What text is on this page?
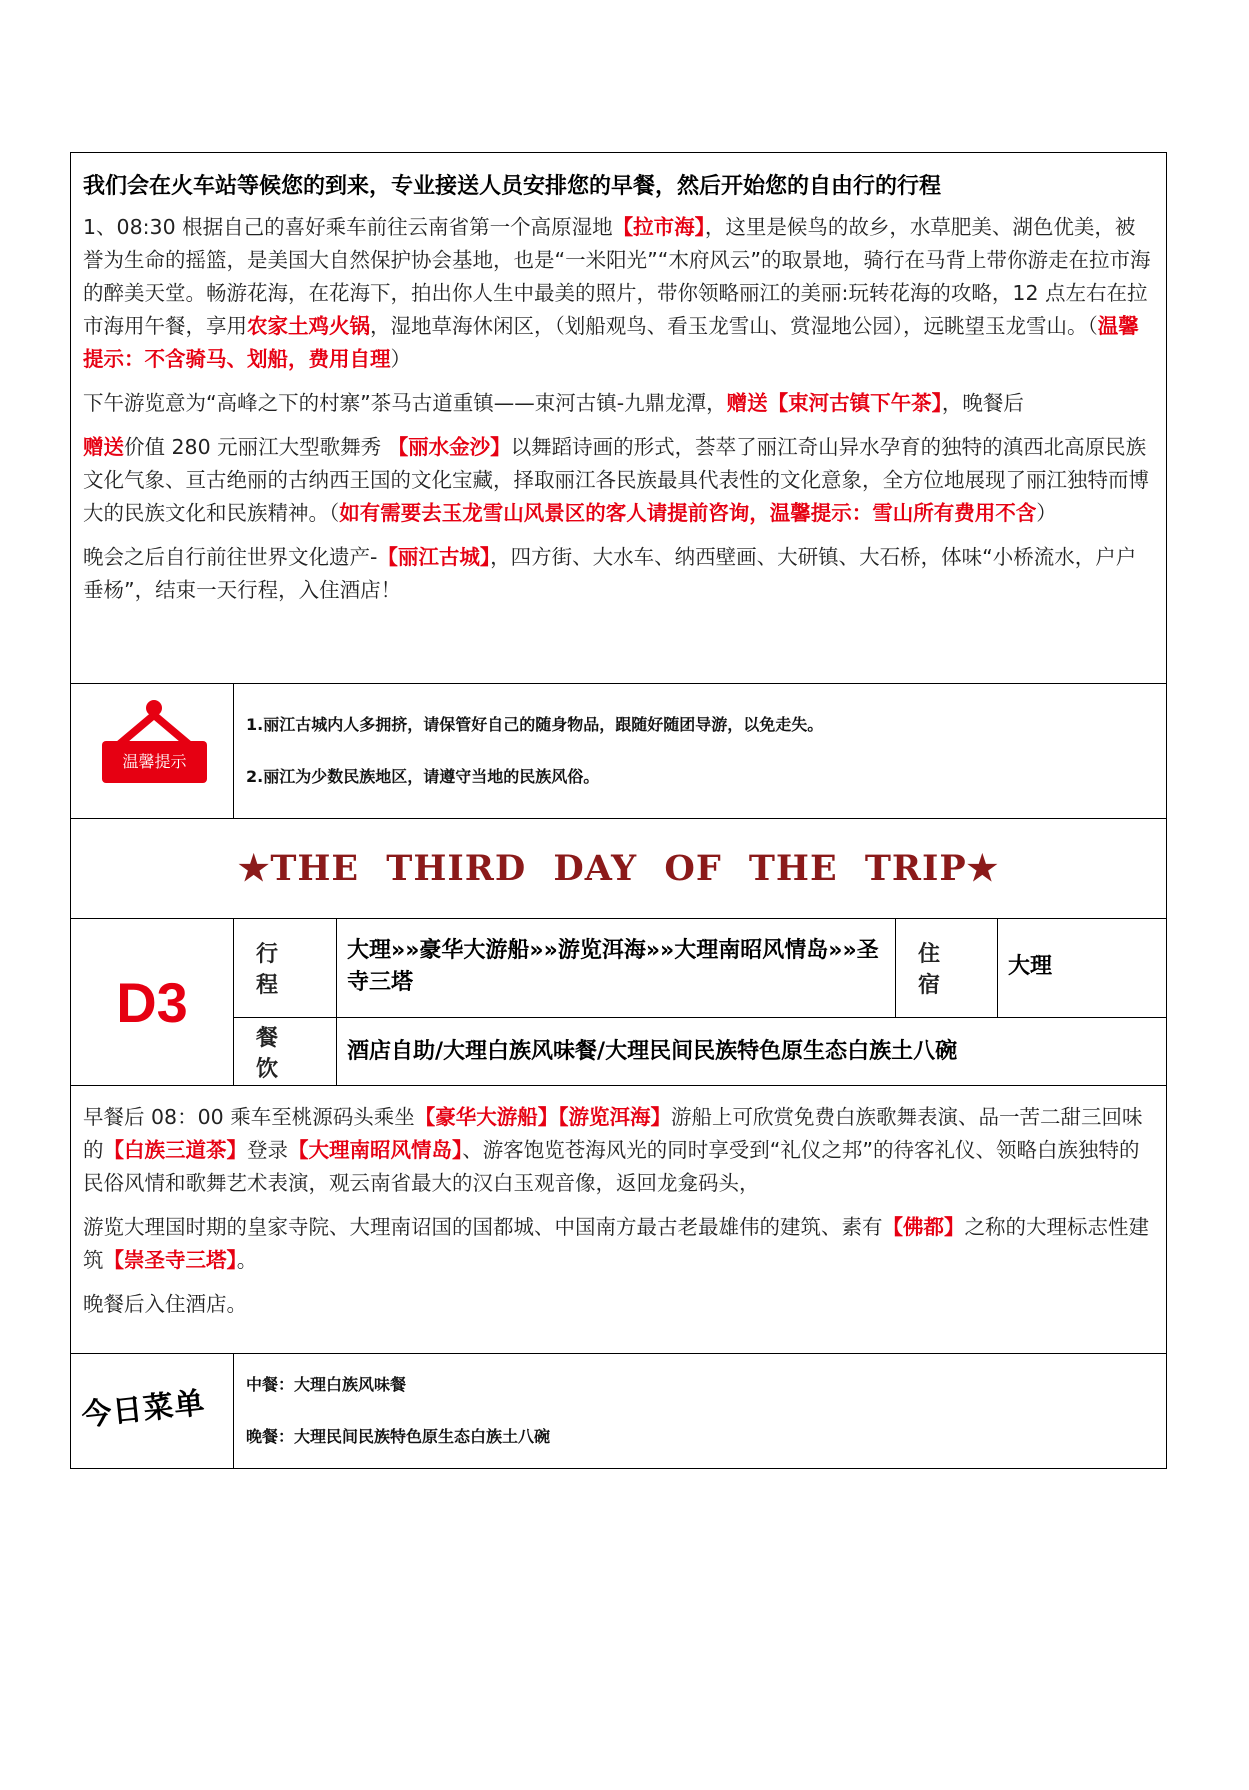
我们会在火车站等候您的到来，专业接送人员安排您的早餐，然后开始您的自由行的行程

1、08:30 根据自己的喜好乘车前往云南省第一个高原湿地【拉市海】，这里是候鸟的故乡，水草肥美、湖色优美，被誉为生命的摇篮，是美国大自然保护协会基地，也是“一米阳光”“木府风云”的取景地，骑行在马背上带你游走在拉市海的醉美天堂。畅游花海，在花海下，拍出你人生中最美的照片，带你领略丽江的美丽:玩转花海的攻略，12 点左右在拉市海用午餐，享用农家土鸡火锅，湿地草海休闲区，（划船观鸟、看玉龙雪山、赏湿地公园），远眺望玉龙雪山。（温馨提示：不含骑马、划船，费用自理）

下午游览意为“高峰之下的村寨”茶马古道重镇——束河古镇-九鼎龙潭，赠送【束河古镇下午茶】，晚餐后

赠送价值 280 元丽江大型歌舞秀 【丽水金沙】以舞蹈诗画的形式，荟萃了丽江奇山异水孕育的独特的滇西北高原民族文化气象、亘古绝丽的古纳西王国的文化宝藏，择取丽江各民族最具代表性的文化意象，全方位地展现了丽江独特而博大的民族文化和民族精神。（如有需要去玉龙雪山风景区的客人请提前咨询，温馨提示：雪山所有费用不含）

晚会之后自行前往世界文化遗产-【丽江古城】，四方街、大水车、纳西壁画、大研镇、大石桥，体味“小桥流水，户户垂杨”，结束一天行程，入住酒店！

温馨提示

1.丽江古城内人多拥挤，请保管好自己的随身物品，跟随好随团导游，以免走失。

2.丽江为少数民族地区，请遵守当地的民族风俗。

★THE THIRD DAY OF THE TRIP★
D3
行程
大理»»豪华大游船»»游览洱海»»大理南昭风情岛»»圣寺三塔
住宿
大理
餐饮
酒店自助/大理白族风味餐/大理民间民族特色原生态白族土八碗

早餐后 08：00 乘车至桃源码头乘坐【豪华大游船】【游览洱海】游船上可欣赏免费白族歌舞表演、品一苦二甜三回味的【白族三道茶】登录【大理南昭风情岛】、游客饱览苍海风光的同时享受到“礼仪之邦”的待客礼仪、领略白族独特的民俗风情和歌舞艺术表演，观云南省最大的汉白玉观音像，返回龙龛码头，

游览大理国时期的皇家寺院、大理南诏国的国都城、中国南方最古老最雄伟的建筑、素有【佛都】之称的大理标志性建筑【崇圣寺三塔】。

晚餐后入住酒店。

今日菜单

中餐：大理白族风味餐

晚餐：大理民间民族特色原生态白族土八碗
